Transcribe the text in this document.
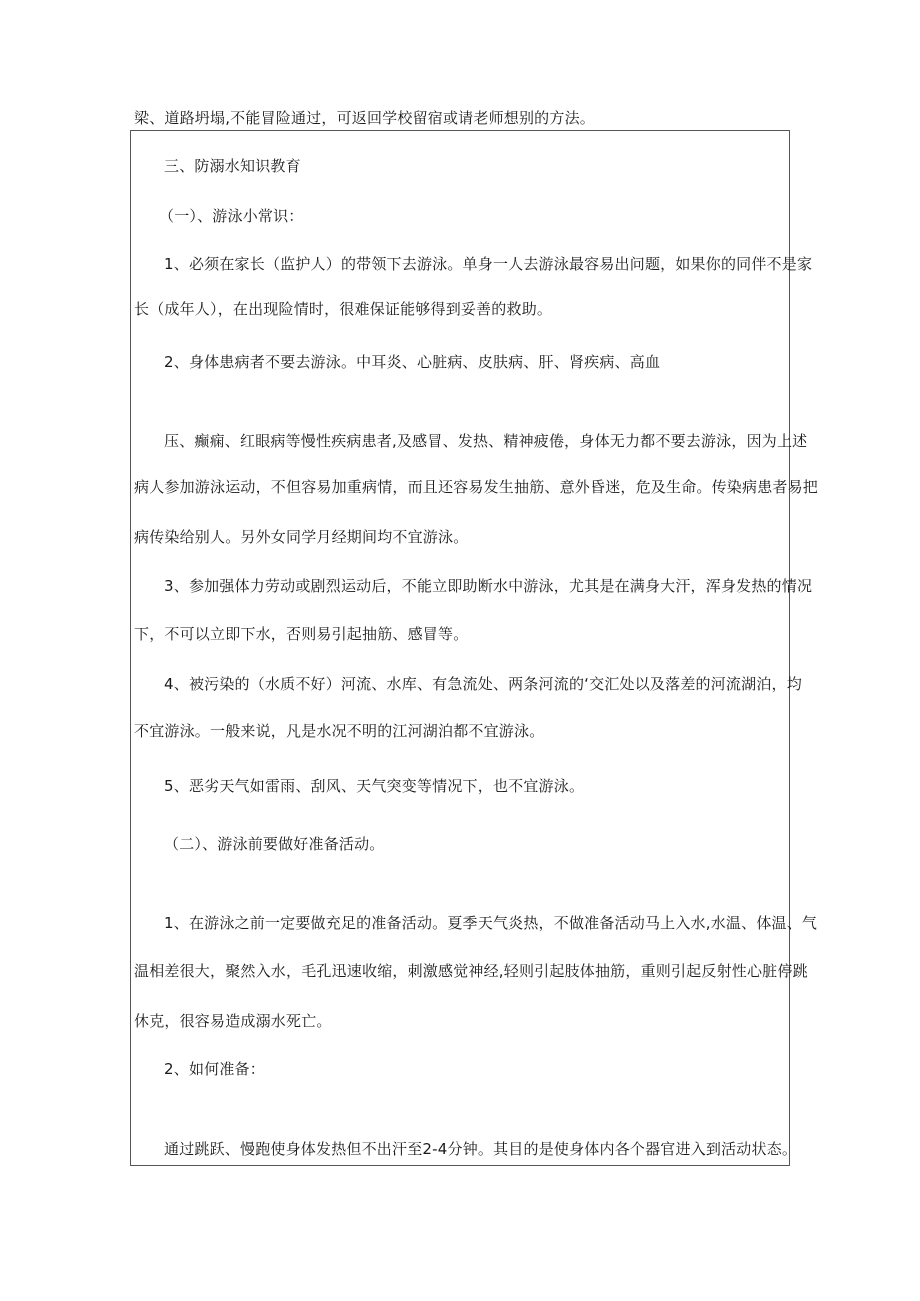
梁、道路坍塌,不能冒险通过，可返回学校留宿或请老师想别的方法。
三、防溺水知识教育
（一）、游泳小常识：
1、必须在家长（监护人）的带领下去游泳。单身一人去游泳最容易出问题，如果你的同伴不是家
长（成年人），在出现险情时，很难保证能够得到妥善的救助。
2、身体患病者不要去游泳。中耳炎、心脏病、皮肤病、肝、肾疾病、高血
压、癫痫、红眼病等慢性疾病患者,及感冒、发热、精神疲倦，身体无力都不要去游泳，因为上述
病人参加游泳运动，不但容易加重病情，而且还容易发生抽筋、意外昏迷，危及生命。传染病患者易把
病传染给别人。另外女同学月经期间均不宜游泳。
3、参加强体力劳动或剧烈运动后，不能立即助断水中游泳，尤其是在满身大汗，浑身发热的情况
下，不可以立即下水，否则易引起抽筋、感冒等。
4、被污染的（水质不好）河流、水库、有急流处、两条河流的‘交汇处以及落差的河流湖泊，均
不宜游泳。一般来说，凡是水况不明的江河湖泊都不宜游泳。
5、恶劣天气如雷雨、刮风、天气突变等情况下，也不宜游泳。
（二）、游泳前要做好准备活动。
1、在游泳之前一定要做充足的准备活动。夏季天气炎热，不做准备活动马上入水,水温、体温、气
温相差很大，聚然入水，毛孔迅速收缩，刺激感觉神经,轻则引起肢体抽筋，重则引起反射性心脏停跳
休克，很容易造成溺水死亡。
2、如何准备：
通过跳跃、慢跑使身体发热但不出汗至2-4分钟。其目的是使身体内各个器官进入到活动状态。
